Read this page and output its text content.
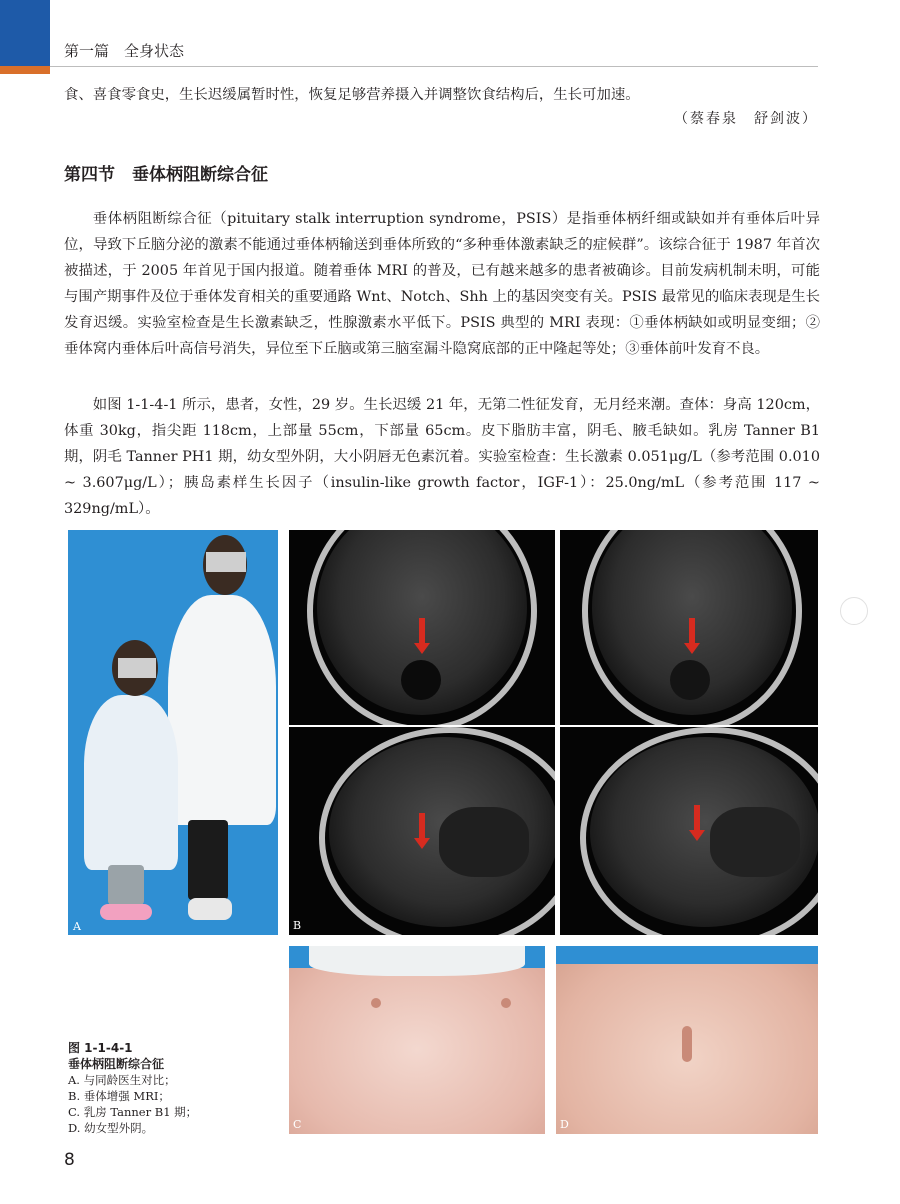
第一篇　全身状态

食、喜食零食史，生长迟缓属暂时性，恢复足够营养摄入并调整饮食结构后，生长可加速。

（蔡春泉　舒剑波）
第四节　垂体柄阻断综合征

垂体柄阻断综合征（pituitary stalk interruption syndrome，PSIS）是指垂体柄纤细或缺如并有垂体后叶异位，导致下丘脑分泌的激素不能通过垂体柄输送到垂体所致的“多种垂体激素缺乏的症候群”。该综合征于 1987 年首次被描述，于 2005 年首见于国内报道。随着垂体 MRI 的普及，已有越来越多的患者被确诊。目前发病机制未明，可能与围产期事件及位于垂体发育相关的重要通路 Wnt、Notch、Shh 上的基因突变有关。PSIS 最常见的临床表现是生长发育迟缓。实验室检查是生长激素缺乏，性腺激素水平低下。PSIS 典型的 MRI 表现：①垂体柄缺如或明显变细；②垂体窝内垂体后叶高信号消失，异位至下丘脑或第三脑室漏斗隐窝底部的正中隆起等处；③垂体前叶发育不良。

如图 1-1-4-1 所示，患者，女性，29 岁。生长迟缓 21 年，无第二性征发育，无月经来潮。查体：身高 120cm，体重 30kg，指尖距 118cm，上部量 55cm，下部量 65cm。皮下脂肪丰富，阴毛、腋毛缺如。乳房 Tanner B1 期，阴毛 Tanner PH1 期，幼女型外阴，大小阴唇无色素沉着。实验室检查：生长激素 0.051μg/L（参考范围 0.010 ~ 3.607μg/L）；胰岛素样生长因子（insulin-like growth factor，IGF-1）：25.0ng/mL（参考范围 117 ~ 329ng/mL）。

A	B
C	D
图 1-1-4-1
垂体柄阻断综合征
A. 与同龄医生对比；
B. 垂体增强 MRI；
C. 乳房 Tanner B1 期；
D. 幼女型外阴。
8
